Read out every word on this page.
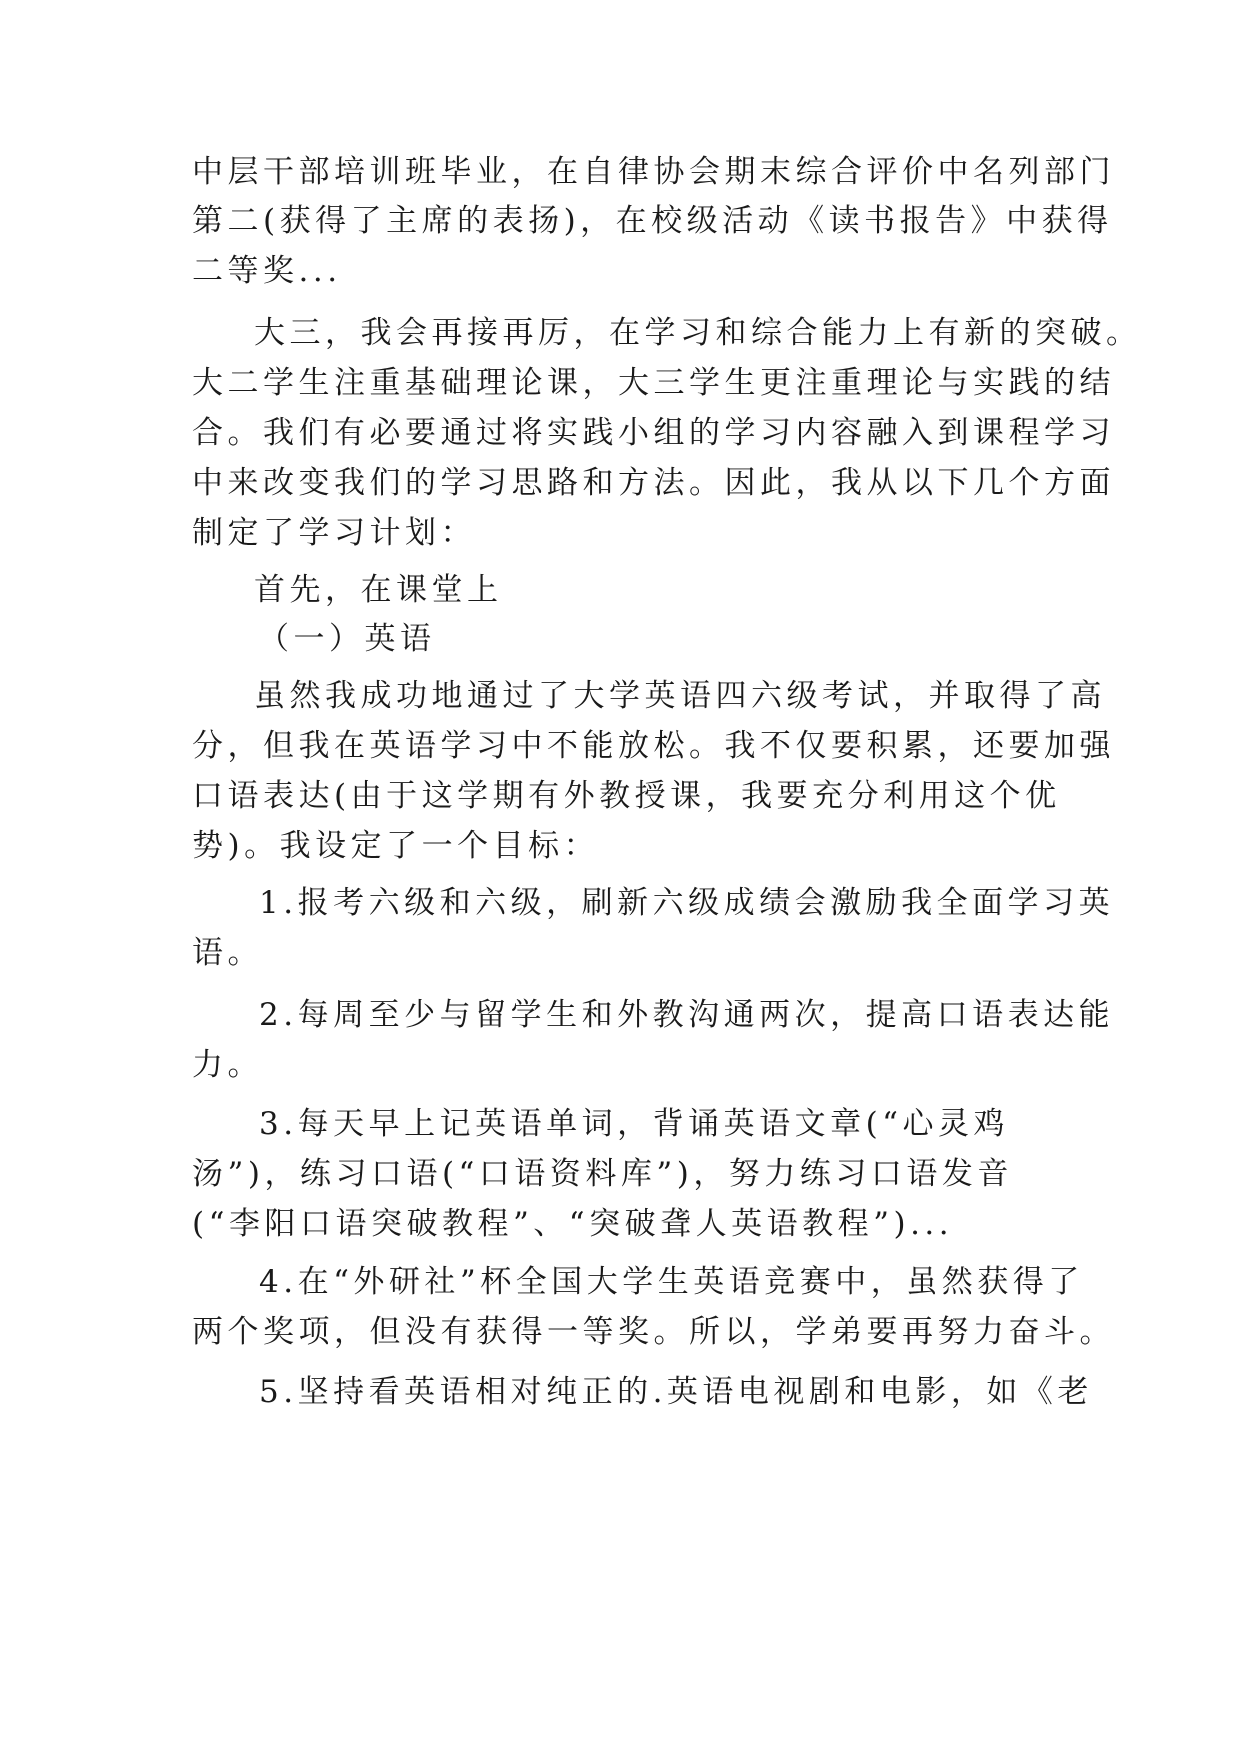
中层干部培训班毕业，在自律协会期末综合评价中名列部门
第二(获得了主席的表扬)，在校级活动《读书报告》中获得
二等奖...
大三，我会再接再厉，在学习和综合能力上有新的突破。
大二学生注重基础理论课，大三学生更注重理论与实践的结
合。我们有必要通过将实践小组的学习内容融入到课程学习
中来改变我们的学习思路和方法。因此，我从以下几个方面
制定了学习计划：
首先，在课堂上
（一）英语
虽然我成功地通过了大学英语四六级考试，并取得了高
分，但我在英语学习中不能放松。我不仅要积累，还要加强
口语表达(由于这学期有外教授课，我要充分利用这个优
势)。我设定了一个目标：
1.报考六级和六级，刷新六级成绩会激励我全面学习英
语。
2.每周至少与留学生和外教沟通两次，提高口语表达能
力。
3.每天早上记英语单词，背诵英语文章(“心灵鸡
汤”)，练习口语(“口语资料库”)，努力练习口语发音
(“李阳口语突破教程”、“突破聋人英语教程”)...
4.在“外研社”杯全国大学生英语竞赛中，虽然获得了
两个奖项，但没有获得一等奖。所以，学弟要再努力奋斗。
5.坚持看英语相对纯正的.英语电视剧和电影，如《老
